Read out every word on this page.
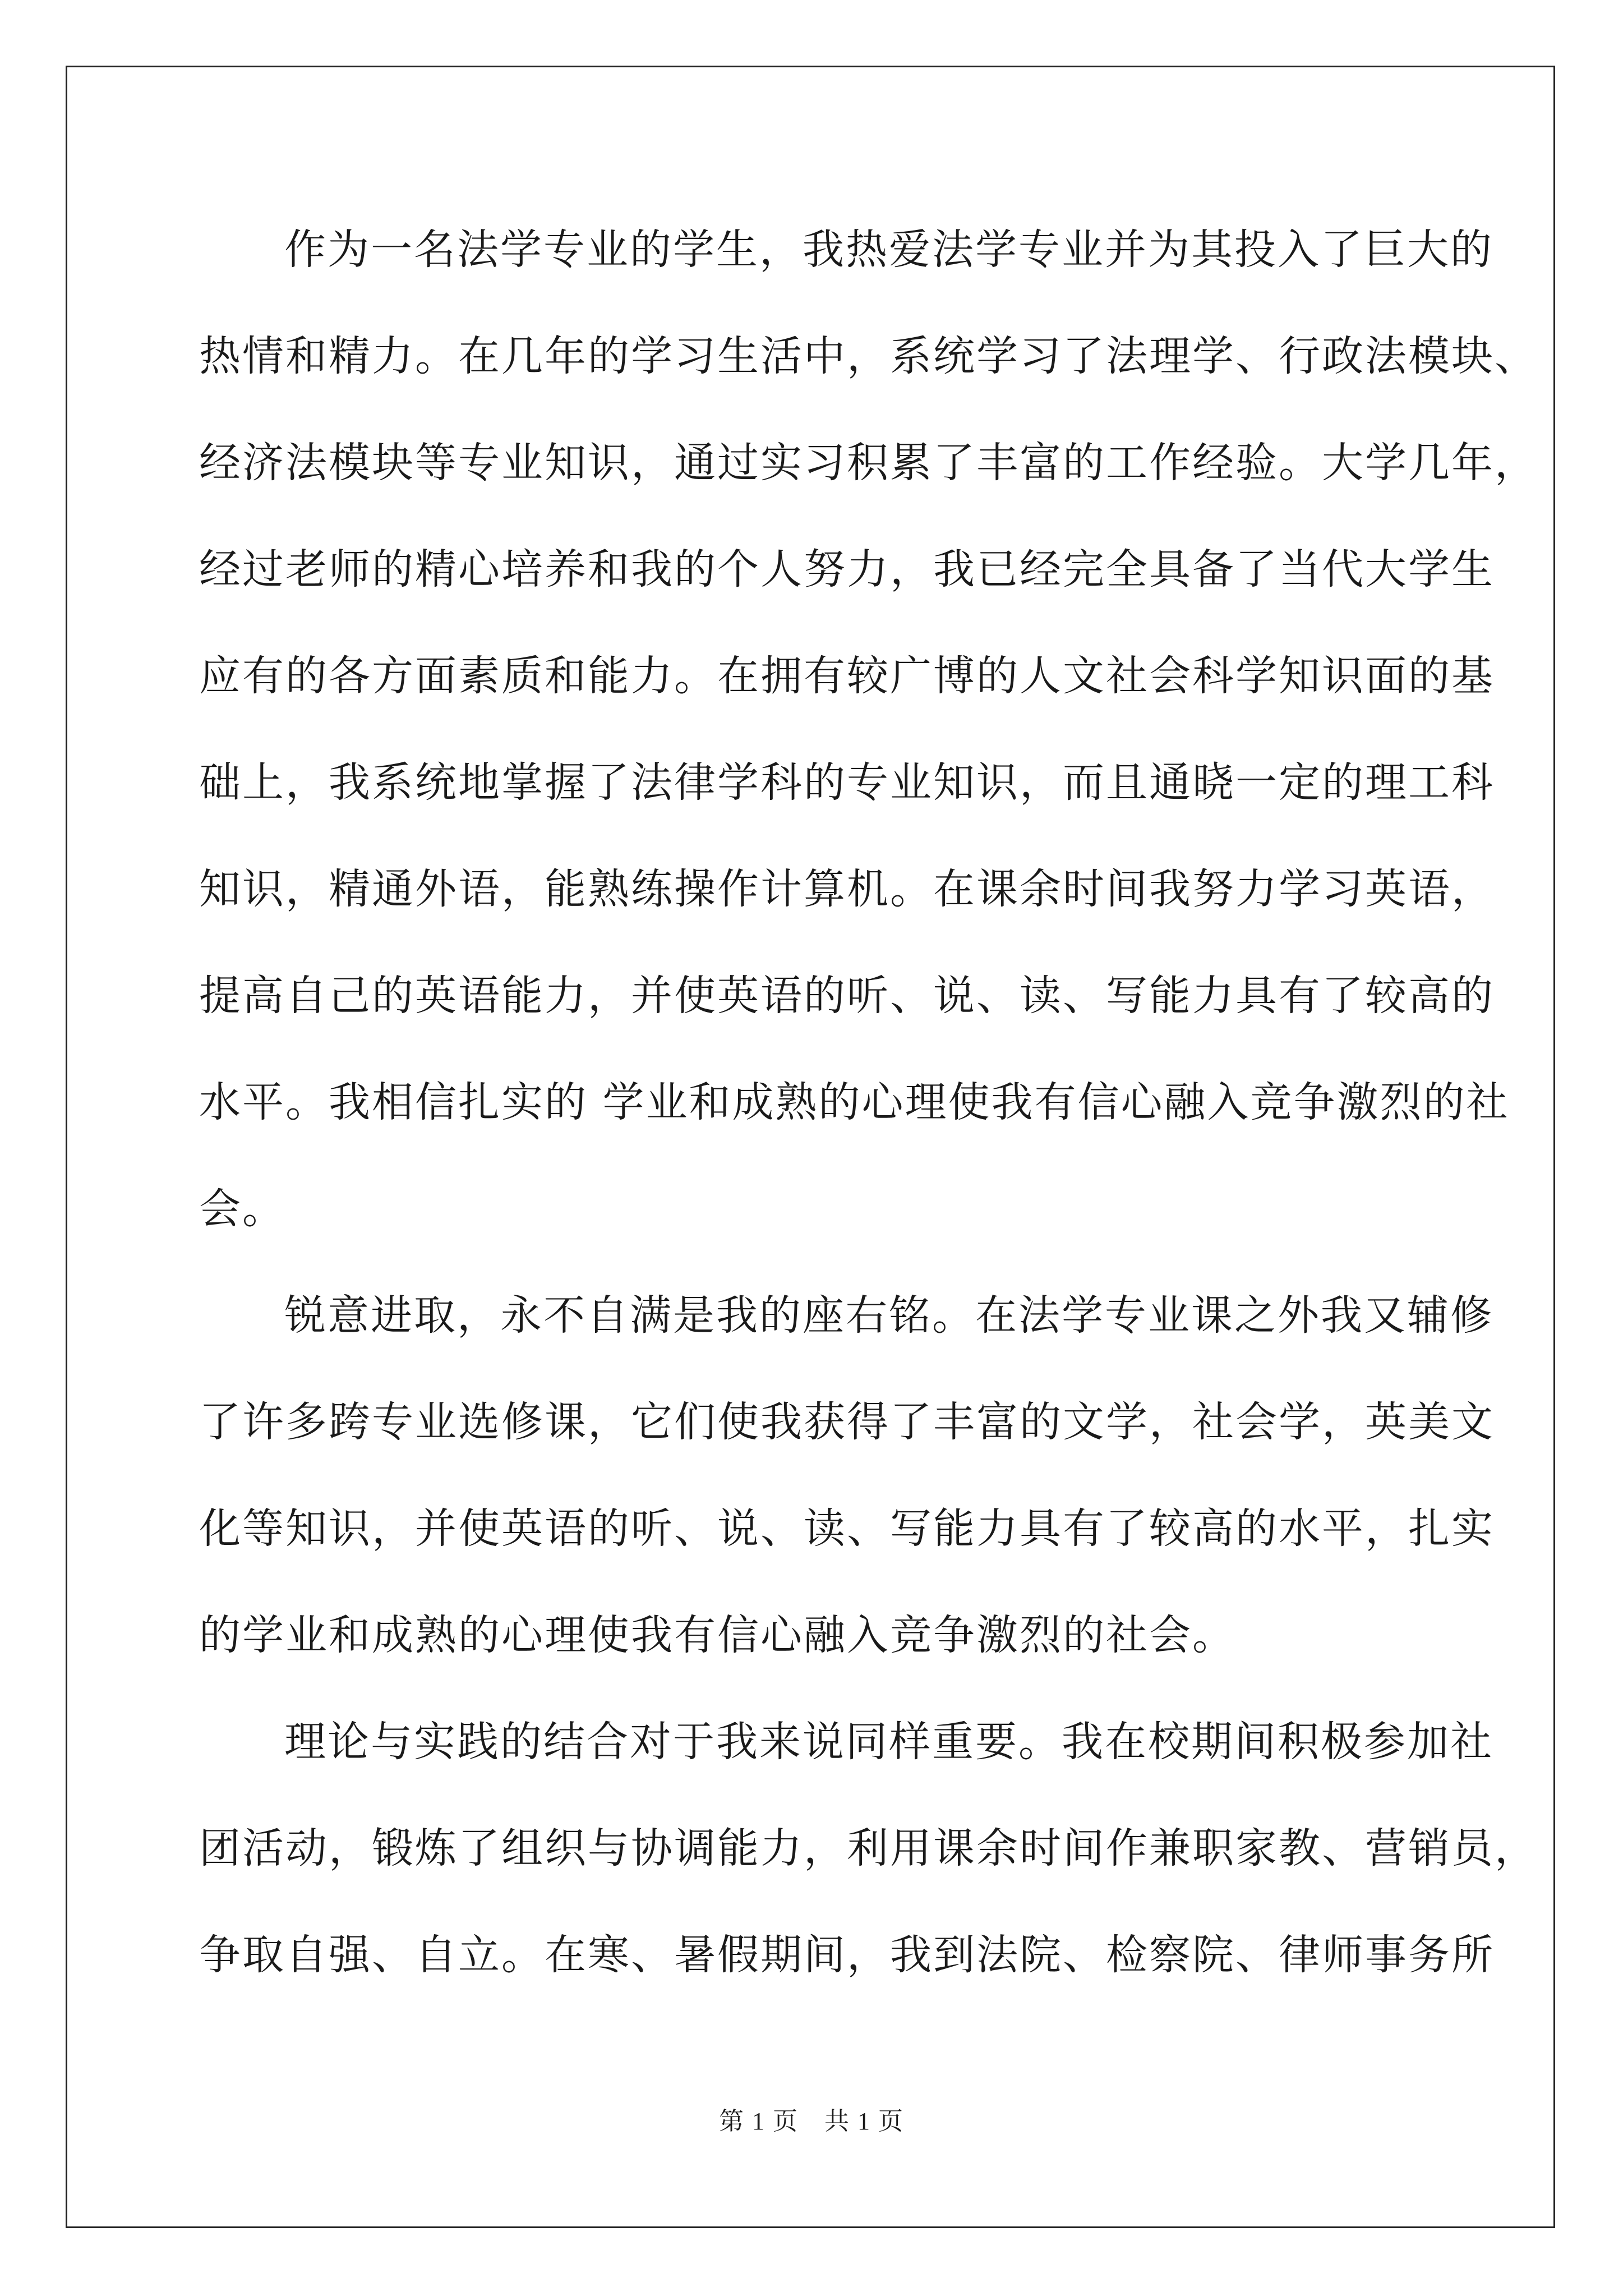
作为一名法学专业的学生，我热爱法学专业并为其投入了巨大的
热情和精力。在几年的学习生活中，系统学习了法理学、行政法模块、
经济法模块等专业知识，通过实习积累了丰富的工作经验。大学几年，
经过老师的精心培养和我的个人努力，我已经完全具备了当代大学生
应有的各方面素质和能力。在拥有较广博的人文社会科学知识面的基
础上，我系统地掌握了法律学科的专业知识，而且通晓一定的理工科
知识，精通外语，能熟练操作计算机。在课余时间我努力学习英语，
提高自己的英语能力，并使英语的听、说、读、写能力具有了较高的
水平。我相信扎实的 学业和成熟的心理使我有信心融入竞争激烈的社
会。
锐意进取，永不自满是我的座右铭。在法学专业课之外我又辅修
了许多跨专业选修课，它们使我获得了丰富的文学，社会学，英美文
化等知识，并使英语的听、说、读、写能力具有了较高的水平，扎实
的学业和成熟的心理使我有信心融入竞争激烈的社会。
理论与实践的结合对于我来说同样重要。我在校期间积极参加社
团活动，锻炼了组织与协调能力，利用课余时间作兼职家教、营销员，
争取自强、自立。在寒、暑假期间，我到法院、检察院、律师事务所
第 1 页　共 1 页
